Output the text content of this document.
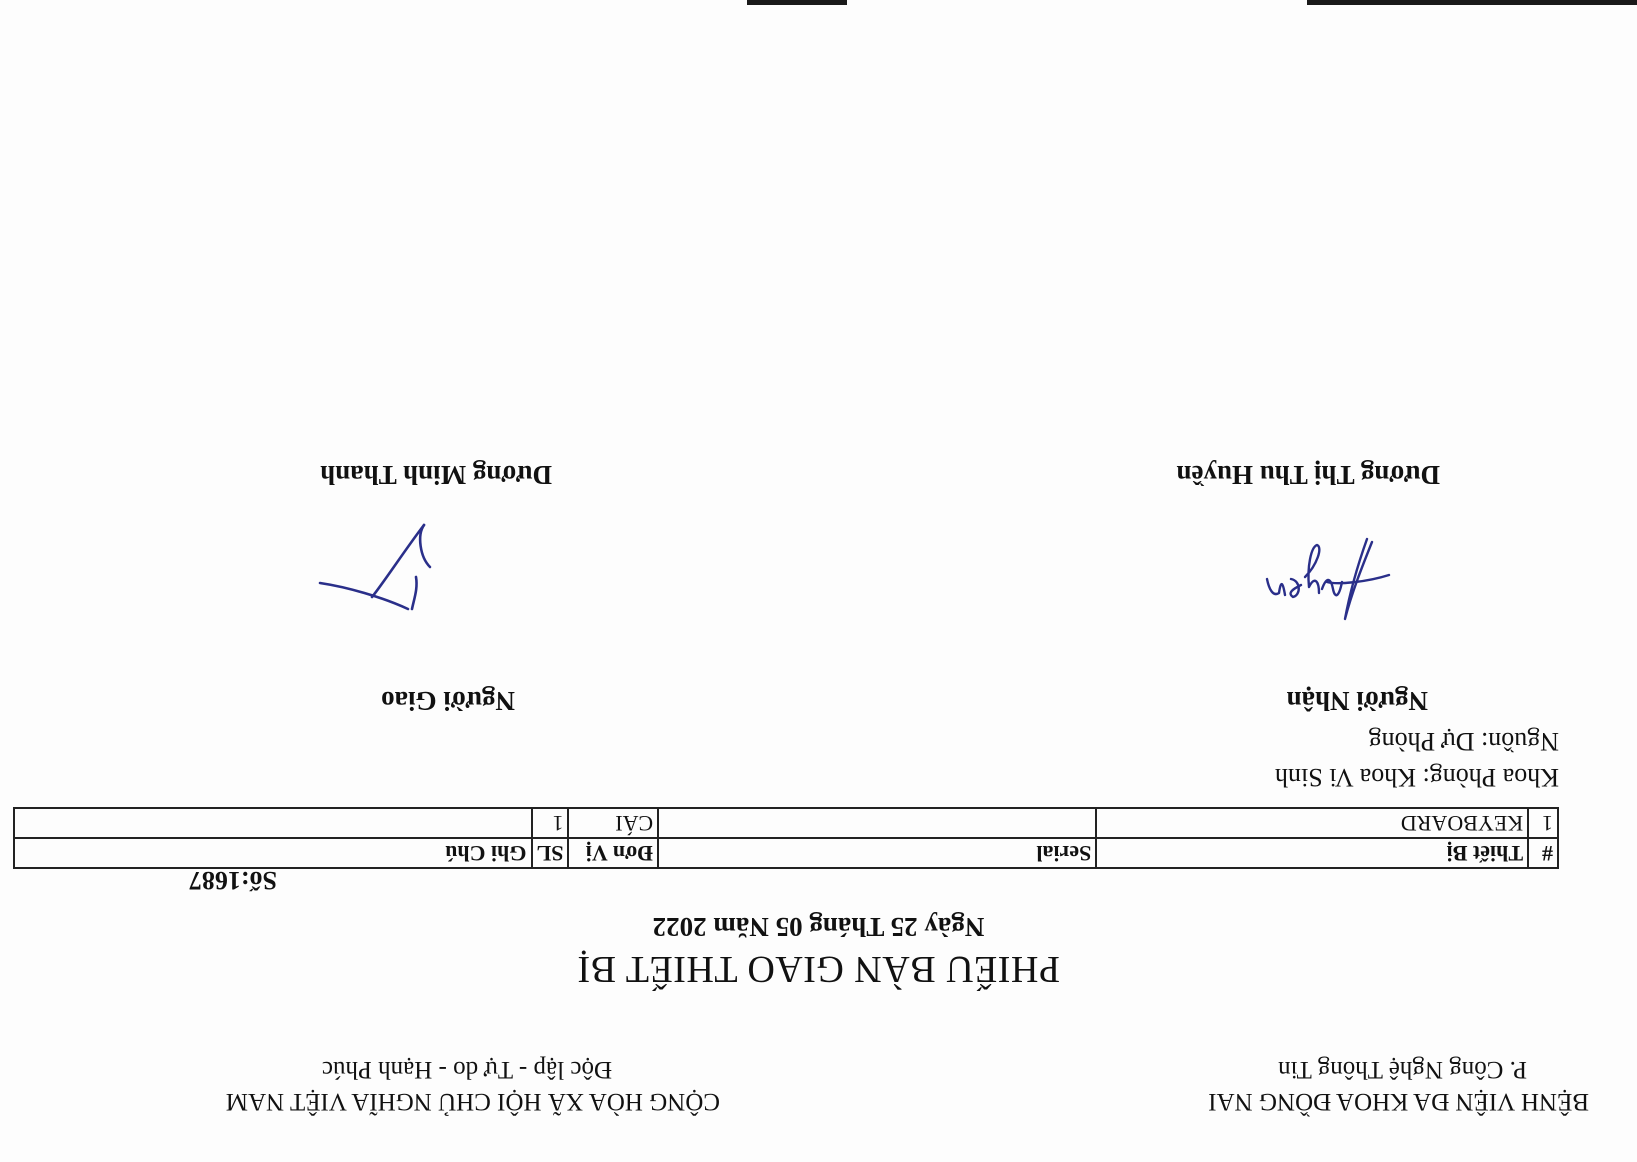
BỆNH VIỆN ĐA KHOA ĐỒNG NAI
P. Công Nghệ Thông Tin
CỘNG HÒA XÃ HỘI CHỦ NGHĨA VIỆT NAM
Độc lập - Tự do - Hạnh Phúc
PHIẾU BÀN GIAO THIẾT BỊ
Ngày 25 Tháng 05 Năm 2022
Số:1687
#	Thiết Bị	Serial	Đơn Vị	SL	Ghi Chú
1	KEYBOARD		CÁI	1	
Khoa Phòng: Khoa Vi Sinh
Nguồn: Dự Phòng
Người Nhận
Người Giao
Dương Thị Thu Huyền
Dương Minh Thanh
